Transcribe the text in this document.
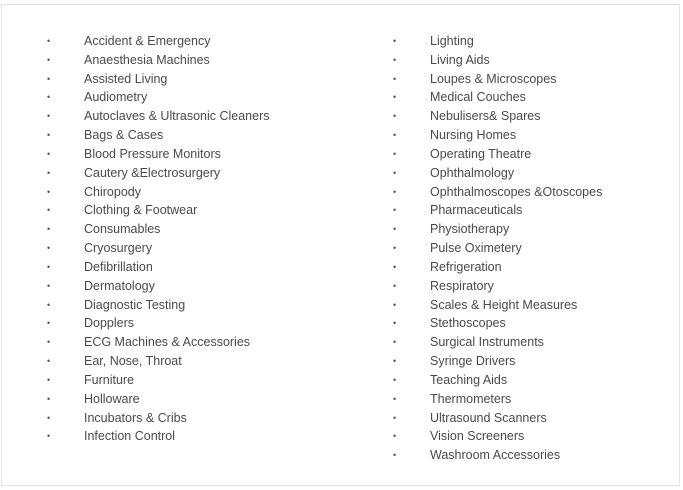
•	Accident & Emergency
•	Anaesthesia Machines
•	Assisted Living
•	Audiometry
•	Autoclaves & Ultrasonic Cleaners
•	Bags & Cases
•	Blood Pressure Monitors
•	Cautery &Electrosurgery
•	Chiropody
•	Clothing & Footwear
•	Consumables
•	Cryosurgery
•	Defibrillation
•	Dermatology
•	Diagnostic Testing
•	Dopplers
•	ECG Machines & Accessories
•	Ear, Nose, Throat
•	Furniture
•	Holloware
•	Incubators & Cribs
•	Infection Control
•	Lighting
•	Living Aids
•	Loupes & Microscopes
•	Medical Couches
•	Nebulisers& Spares
•	Nursing Homes
•	Operating Theatre
•	Ophthalmology
•	Ophthalmoscopes &Otoscopes
•	Pharmaceuticals
•	Physiotherapy
•	Pulse Oximetery
•	Refrigeration
•	Respiratory
•	Scales & Height Measures
•	Stethoscopes
•	Surgical Instruments
•	Syringe Drivers
•	Teaching Aids
•	Thermometers
•	Ultrasound Scanners
•	Vision Screeners
•	Washroom Accessories
